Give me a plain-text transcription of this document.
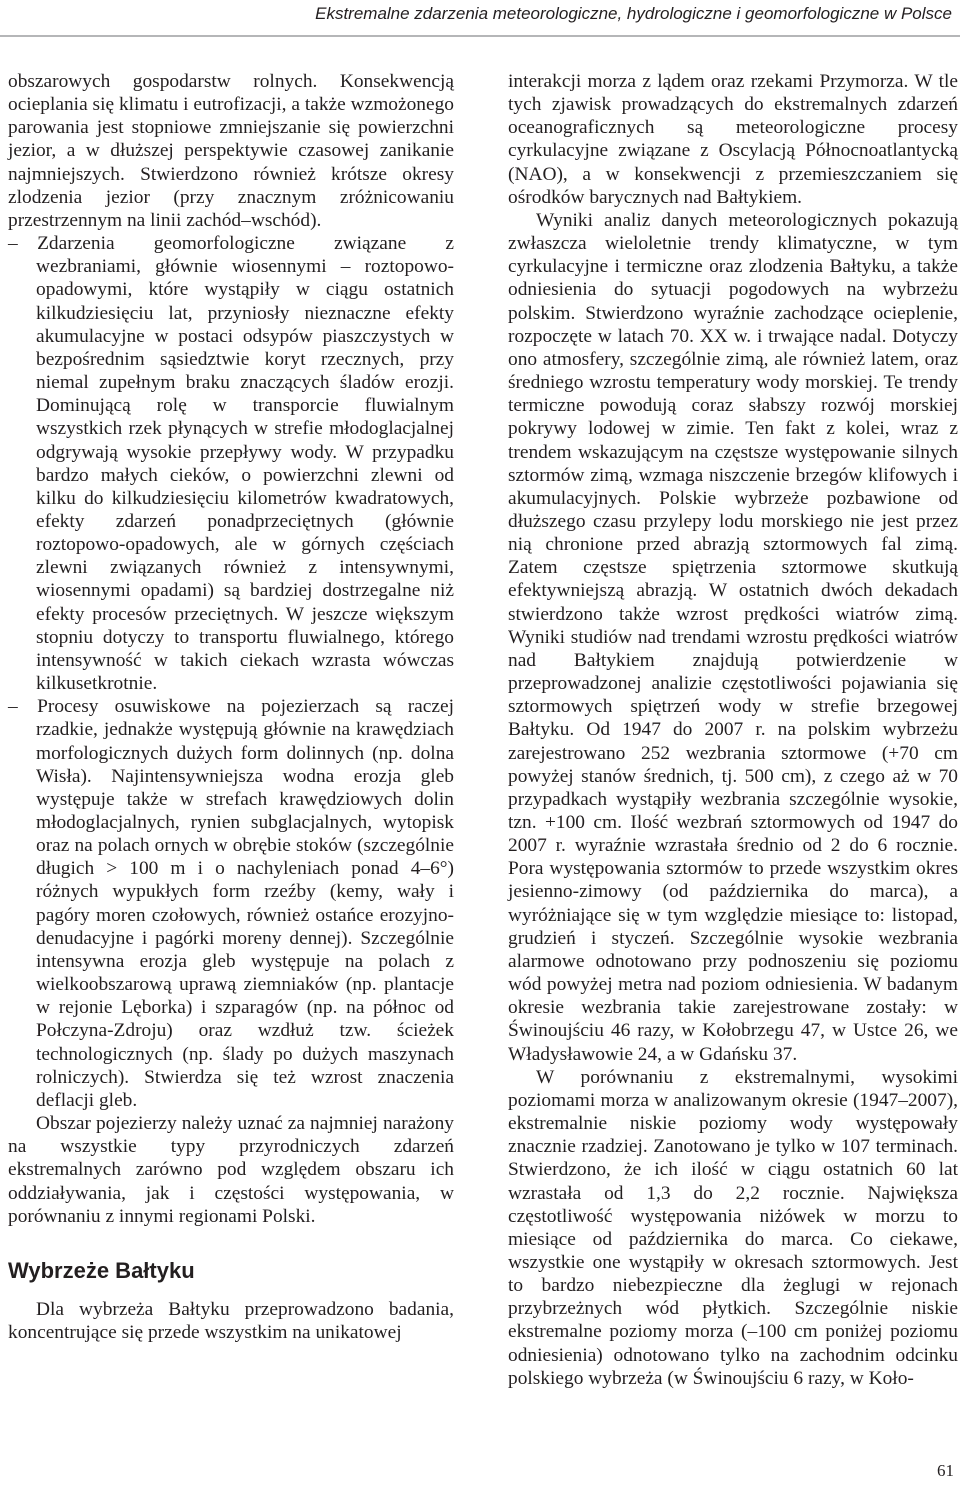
Ekstremalne zdarzenia meteorologiczne, hydrologiczne i geomorfologiczne w Polsce

obszarowych gospodarstw rolnych. Konsekwencją ocieplania się klimatu i eutrofizacji, a także wzmożonego parowania jest stopniowe zmniejszanie się powierzchni jezior, a w dłuższej perspektywie czasowej zanikanie najmniejszych. Stwierdzono również krótsze okresy zlodzenia jezior (przy znacznym zróżnicowaniu przestrzennym na linii zachód–wschód).

– Zdarzenia geomorfologiczne związane z wezbraniami, głównie wiosennymi – roztopowo-opadowymi, które wystąpiły w ciągu ostatnich kilkudziesięciu lat, przyniosły nieznaczne efekty akumulacyjne w postaci odsypów piaszczystych w bezpośrednim sąsiedztwie koryt rzecznych, przy niemal zupełnym braku znaczących śladów erozji. Dominującą rolę w transporcie fluwialnym wszystkich rzek płynących w strefie młodoglacjalnej odgrywają wysokie przepływy wody. W przypadku bardzo małych cieków, o powierzchni zlewni od kilku do kilkudziesięciu kilometrów kwadratowych, efekty zdarzeń ponadprzeciętnych (głównie roztopowo-opadowych, ale w górnych częściach zlewni związanych również z intensywnymi, wiosennymi opadami) są bardziej dostrzegalne niż efekty procesów przeciętnych. W jeszcze większym stopniu dotyczy to transportu fluwialnego, którego intensywność w takich ciekach wzrasta wówczas kilkusetkrotnie.

– Procesy osuwiskowe na pojezierzach są raczej rzadkie, jednakże występują głównie na krawędziach morfologicznych dużych form dolinnych (np. dolna Wisła). Najintensywniejsza wodna erozja gleb występuje także w strefach krawędziowych dolin młodoglacjalnych, rynien subglacjalnych, wytopisk oraz na polach ornych w obrębie stoków (szczególnie długich > 100 m i o nachyleniach ponad 4–6°) różnych wypukłych form rzeźby (kemy, wały i pagóry moren czołowych, również ostańce erozyjno-denudacyjne i pagórki moreny dennej). Szczególnie intensywna erozja gleb występuje na polach z wielkoobszarową uprawą ziemniaków (np. plantacje w rejonie Lęborka) i szparagów (np. na północ od Połczyna-Zdroju) oraz wzdłuż tzw. ścieżek technologicznych (np. ślady po dużych maszynach rolniczych). Stwierdza się też wzrost znaczenia deflacji gleb.

Obszar pojezierzy należy uznać za najmniej narażony na wszystkie typy przyrodniczych zdarzeń ekstremalnych zarówno pod względem obszaru ich oddziaływania, jak i częstości występowania, w porównaniu z innymi regionami Polski.

Wybrzeże Bałtyku

Dla wybrzeża Bałtyku przeprowadzono badania, koncentrujące się przede wszystkim na unikatowej

interakcji morza z lądem oraz rzekami Przymorza. W tle tych zjawisk prowadzących do ekstremalnych zdarzeń oceanograficznych są meteorologiczne procesy cyrkulacyjne związane z Oscylacją Północnoatlantycką (NAO), a w konsekwencji z przemieszczaniem się ośrodków barycznych nad Bałtykiem.

Wyniki analiz danych meteorologicznych pokazują zwłaszcza wieloletnie trendy klimatyczne, w tym cyrkulacyjne i termiczne oraz zlodzenia Bałtyku, a także odniesienia do sytuacji pogodowych na wybrzeżu polskim. Stwierdzono wyraźnie zachodzące ocieplenie, rozpoczęte w latach 70. XX w. i trwające nadal. Dotyczy ono atmosfery, szczególnie zimą, ale również latem, oraz średniego wzrostu temperatury wody morskiej. Te trendy termiczne powodują coraz słabszy rozwój morskiej pokrywy lodowej w zimie. Ten fakt z kolei, wraz z trendem wskazującym na częstsze występowanie silnych sztormów zimą, wzmaga niszczenie brzegów klifowych i akumulacyjnych. Polskie wybrzeże pozbawione od dłuższego czasu przylepy lodu morskiego nie jest przez nią chronione przed abrazją sztormowych fal zimą. Zatem częstsze spiętrzenia sztormowe skutkują efektywniejszą abrazją. W ostatnich dwóch dekadach stwierdzono także wzrost prędkości wiatrów zimą. Wyniki studiów nad trendami wzrostu prędkości wiatrów nad Bałtykiem znajdują potwierdzenie w przeprowadzonej analizie częstotliwości pojawiania się sztormowych spiętrzeń wody w strefie brzegowej Bałtyku. Od 1947 do 2007 r. na polskim wybrzeżu zarejestrowano 252 wezbrania sztormowe (+70 cm powyżej stanów średnich, tj. 500 cm), z czego aż w 70 przypadkach wystąpiły wezbrania szczególnie wysokie, tzn. +100 cm. Ilość wezbrań sztormowych od 1947 do 2007 r. wyraźnie wzrastała średnio od 2 do 6 rocznie. Pora występowania sztormów to przede wszystkim okres jesienno-zimowy (od października do marca), a wyróżniające się w tym względzie miesiące to: listopad, grudzień i styczeń. Szczególnie wysokie wezbrania alarmowe odnotowano przy podnoszeniu się poziomu wód powyżej metra nad poziom odniesienia. W badanym okresie wezbrania takie zarejestrowane zostały: w Świnoujściu 46 razy, w Kołobrzegu 47, w Ustce 26, we Władysławowie 24, a w Gdańsku 37.

W porównaniu z ekstremalnymi, wysokimi poziomami morza w analizowanym okresie (1947–2007), ekstremalnie niskie poziomy wody występowały znacznie rzadziej. Zanotowano je tylko w 107 terminach. Stwierdzono, że ich ilość w ciągu ostatnich 60 lat wzrastała od 1,3 do 2,2 rocznie. Największa częstotliwość występowania niżówek w morzu to miesiące od października do marca. Co ciekawe, wszystkie one wystąpiły w okresach sztormowych. Jest to bardzo niebezpieczne dla żeglugi w rejonach przybrzeżnych wód płytkich. Szczególnie niskie ekstremalne poziomy morza (–100 cm poniżej poziomu odniesienia) odnotowano tylko na zachodnim odcinku polskiego wybrzeża (w Świnoujściu 6 razy, w Koło-

61
